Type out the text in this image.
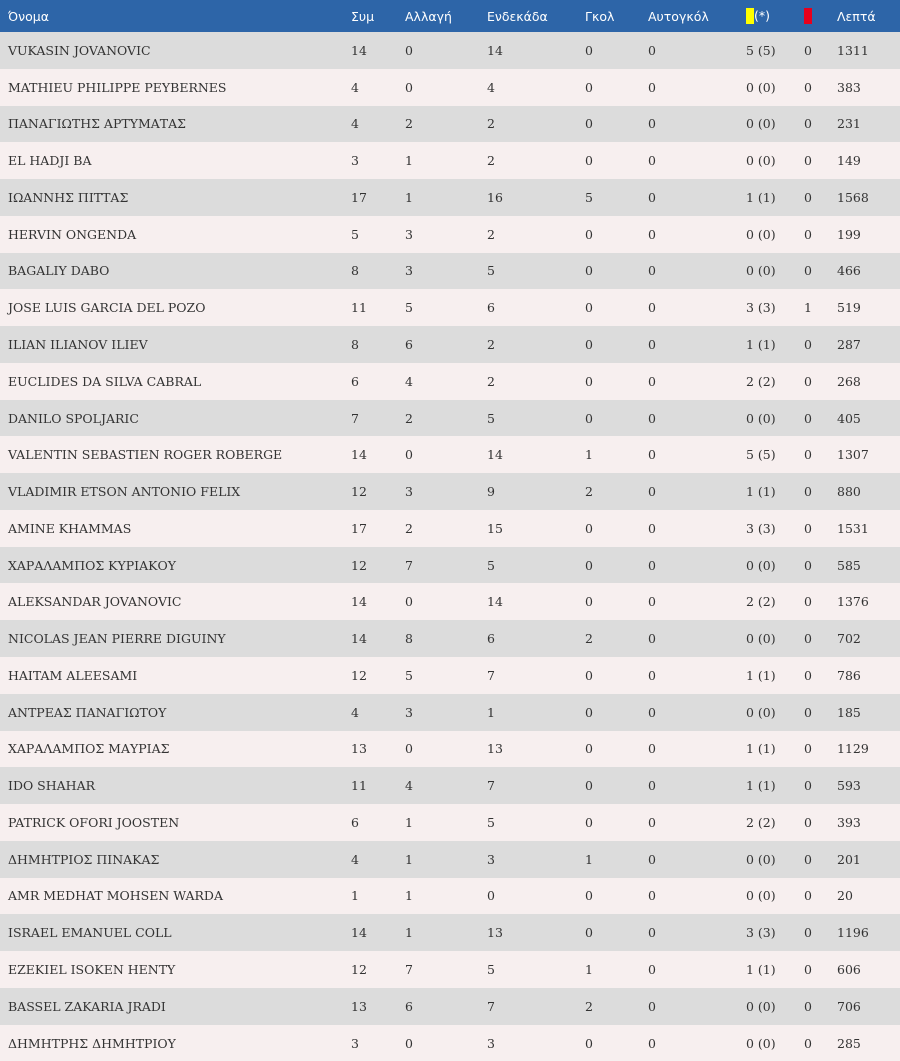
Όνομα	Συμ	Αλλαγή	Ενδεκάδα	Γκολ	Αυτογκόλ	(*)		Λεπτά
VUKASIN JOVANOVIC	14	0	14	0	0	5 (5)	0	1311
MATHIEU PHILIPPE PEYBERNES	4	0	4	0	0	0 (0)	0	383
ΠΑΝΑΓΙΩΤΗΣ ΑΡΤΥΜΑΤΑΣ	4	2	2	0	0	0 (0)	0	231
EL HADJI BA	3	1	2	0	0	0 (0)	0	149
ΙΩΑΝΝΗΣ ΠΙΤΤΑΣ	17	1	16	5	0	1 (1)	0	1568
HERVIN ONGENDA	5	3	2	0	0	0 (0)	0	199
BAGALIY DABO	8	3	5	0	0	0 (0)	0	466
JOSE LUIS GARCIA DEL POZO	11	5	6	0	0	3 (3)	1	519
ILIAN ILIANOV ILIEV	8	6	2	0	0	1 (1)	0	287
EUCLIDES DA SILVA CABRAL	6	4	2	0	0	2 (2)	0	268
DANILO SPOLJARIC	7	2	5	0	0	0 (0)	0	405
VALENTIN SEBASTIEN ROGER ROBERGE	14	0	14	1	0	5 (5)	0	1307
VLADIMIR ETSON ANTONIO FELIX	12	3	9	2	0	1 (1)	0	880
AMINE KHAMMAS	17	2	15	0	0	3 (3)	0	1531
ΧΑΡΑΛΑΜΠΟΣ ΚΥΡΙΑΚΟΥ	12	7	5	0	0	0 (0)	0	585
ALEKSANDAR JOVANOVIC	14	0	14	0	0	2 (2)	0	1376
NICOLAS JEAN PIERRE DIGUINY	14	8	6	2	0	0 (0)	0	702
HAITAM ALEESAMI	12	5	7	0	0	1 (1)	0	786
ΑΝΤΡΕΑΣ ΠΑΝΑΓΙΩΤΟΥ	4	3	1	0	0	0 (0)	0	185
ΧΑΡΑΛΑΜΠΟΣ ΜΑΥΡΙΑΣ	13	0	13	0	0	1 (1)	0	1129
IDO SHAHAR	11	4	7	0	0	1 (1)	0	593
PATRICK OFORI JOOSTEN	6	1	5	0	0	2 (2)	0	393
ΔΗΜΗΤΡΙΟΣ ΠΙΝΑΚΑΣ	4	1	3	1	0	0 (0)	0	201
AMR MEDHAT MOHSEN WARDA	1	1	0	0	0	0 (0)	0	20
ISRAEL EMANUEL COLL	14	1	13	0	0	3 (3)	0	1196
EZEKIEL ISOKEN HENTY	12	7	5	1	0	1 (1)	0	606
BASSEL ZAKARIA JRADI	13	6	7	2	0	0 (0)	0	706
ΔΗΜΗΤΡΗΣ ΔΗΜΗΤΡΙΟΥ	3	0	3	0	0	0 (0)	0	285
